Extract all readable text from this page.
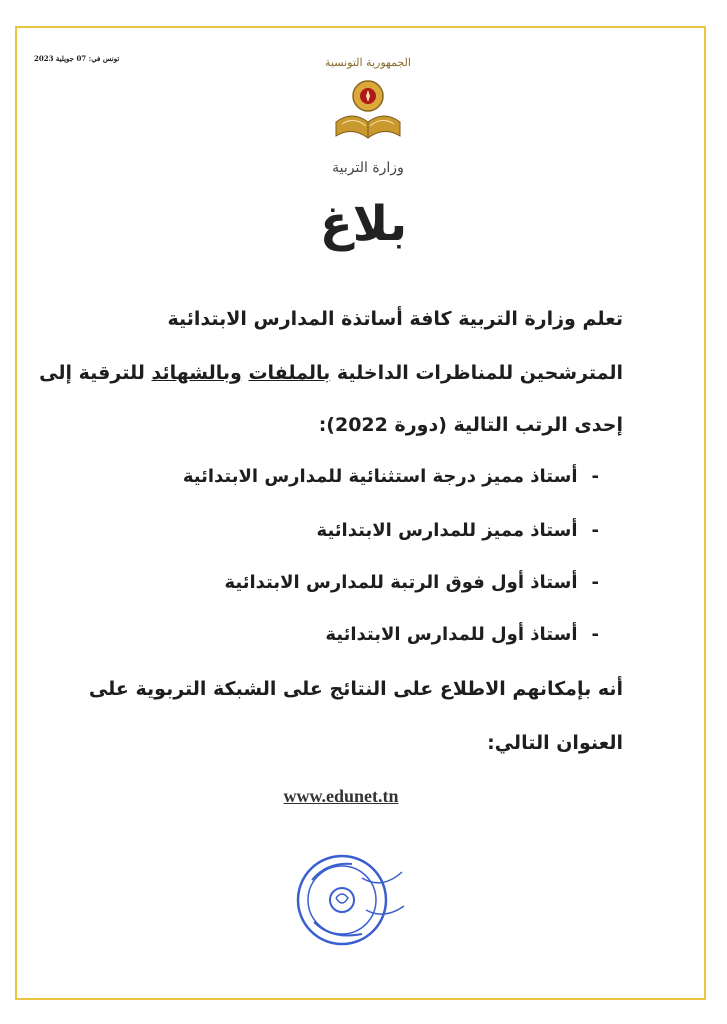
تونس في: 07 جويلية 2023	الجمهورية التونسية
وزارة التربية
بلاغ
تعلم وزارة التربية كافة أساتذة المدارس الابتدائية
المترشحين للمناظرات الداخلية بالملفات وبالشهائد للترقية إلى
إحدى الرتب التالية (دورة 2022):
-أستاذ مميز درجة استثنائية للمدارس الابتدائية
-أستاذ مميز للمدارس الابتدائية
-أستاذ أول فوق الرتبة للمدارس الابتدائية
-أستاذ أول للمدارس الابتدائية
أنه بإمكانهم الاطلاع على النتائج على الشبكة التربوية على
العنوان التالي:
www.edunet.tn
